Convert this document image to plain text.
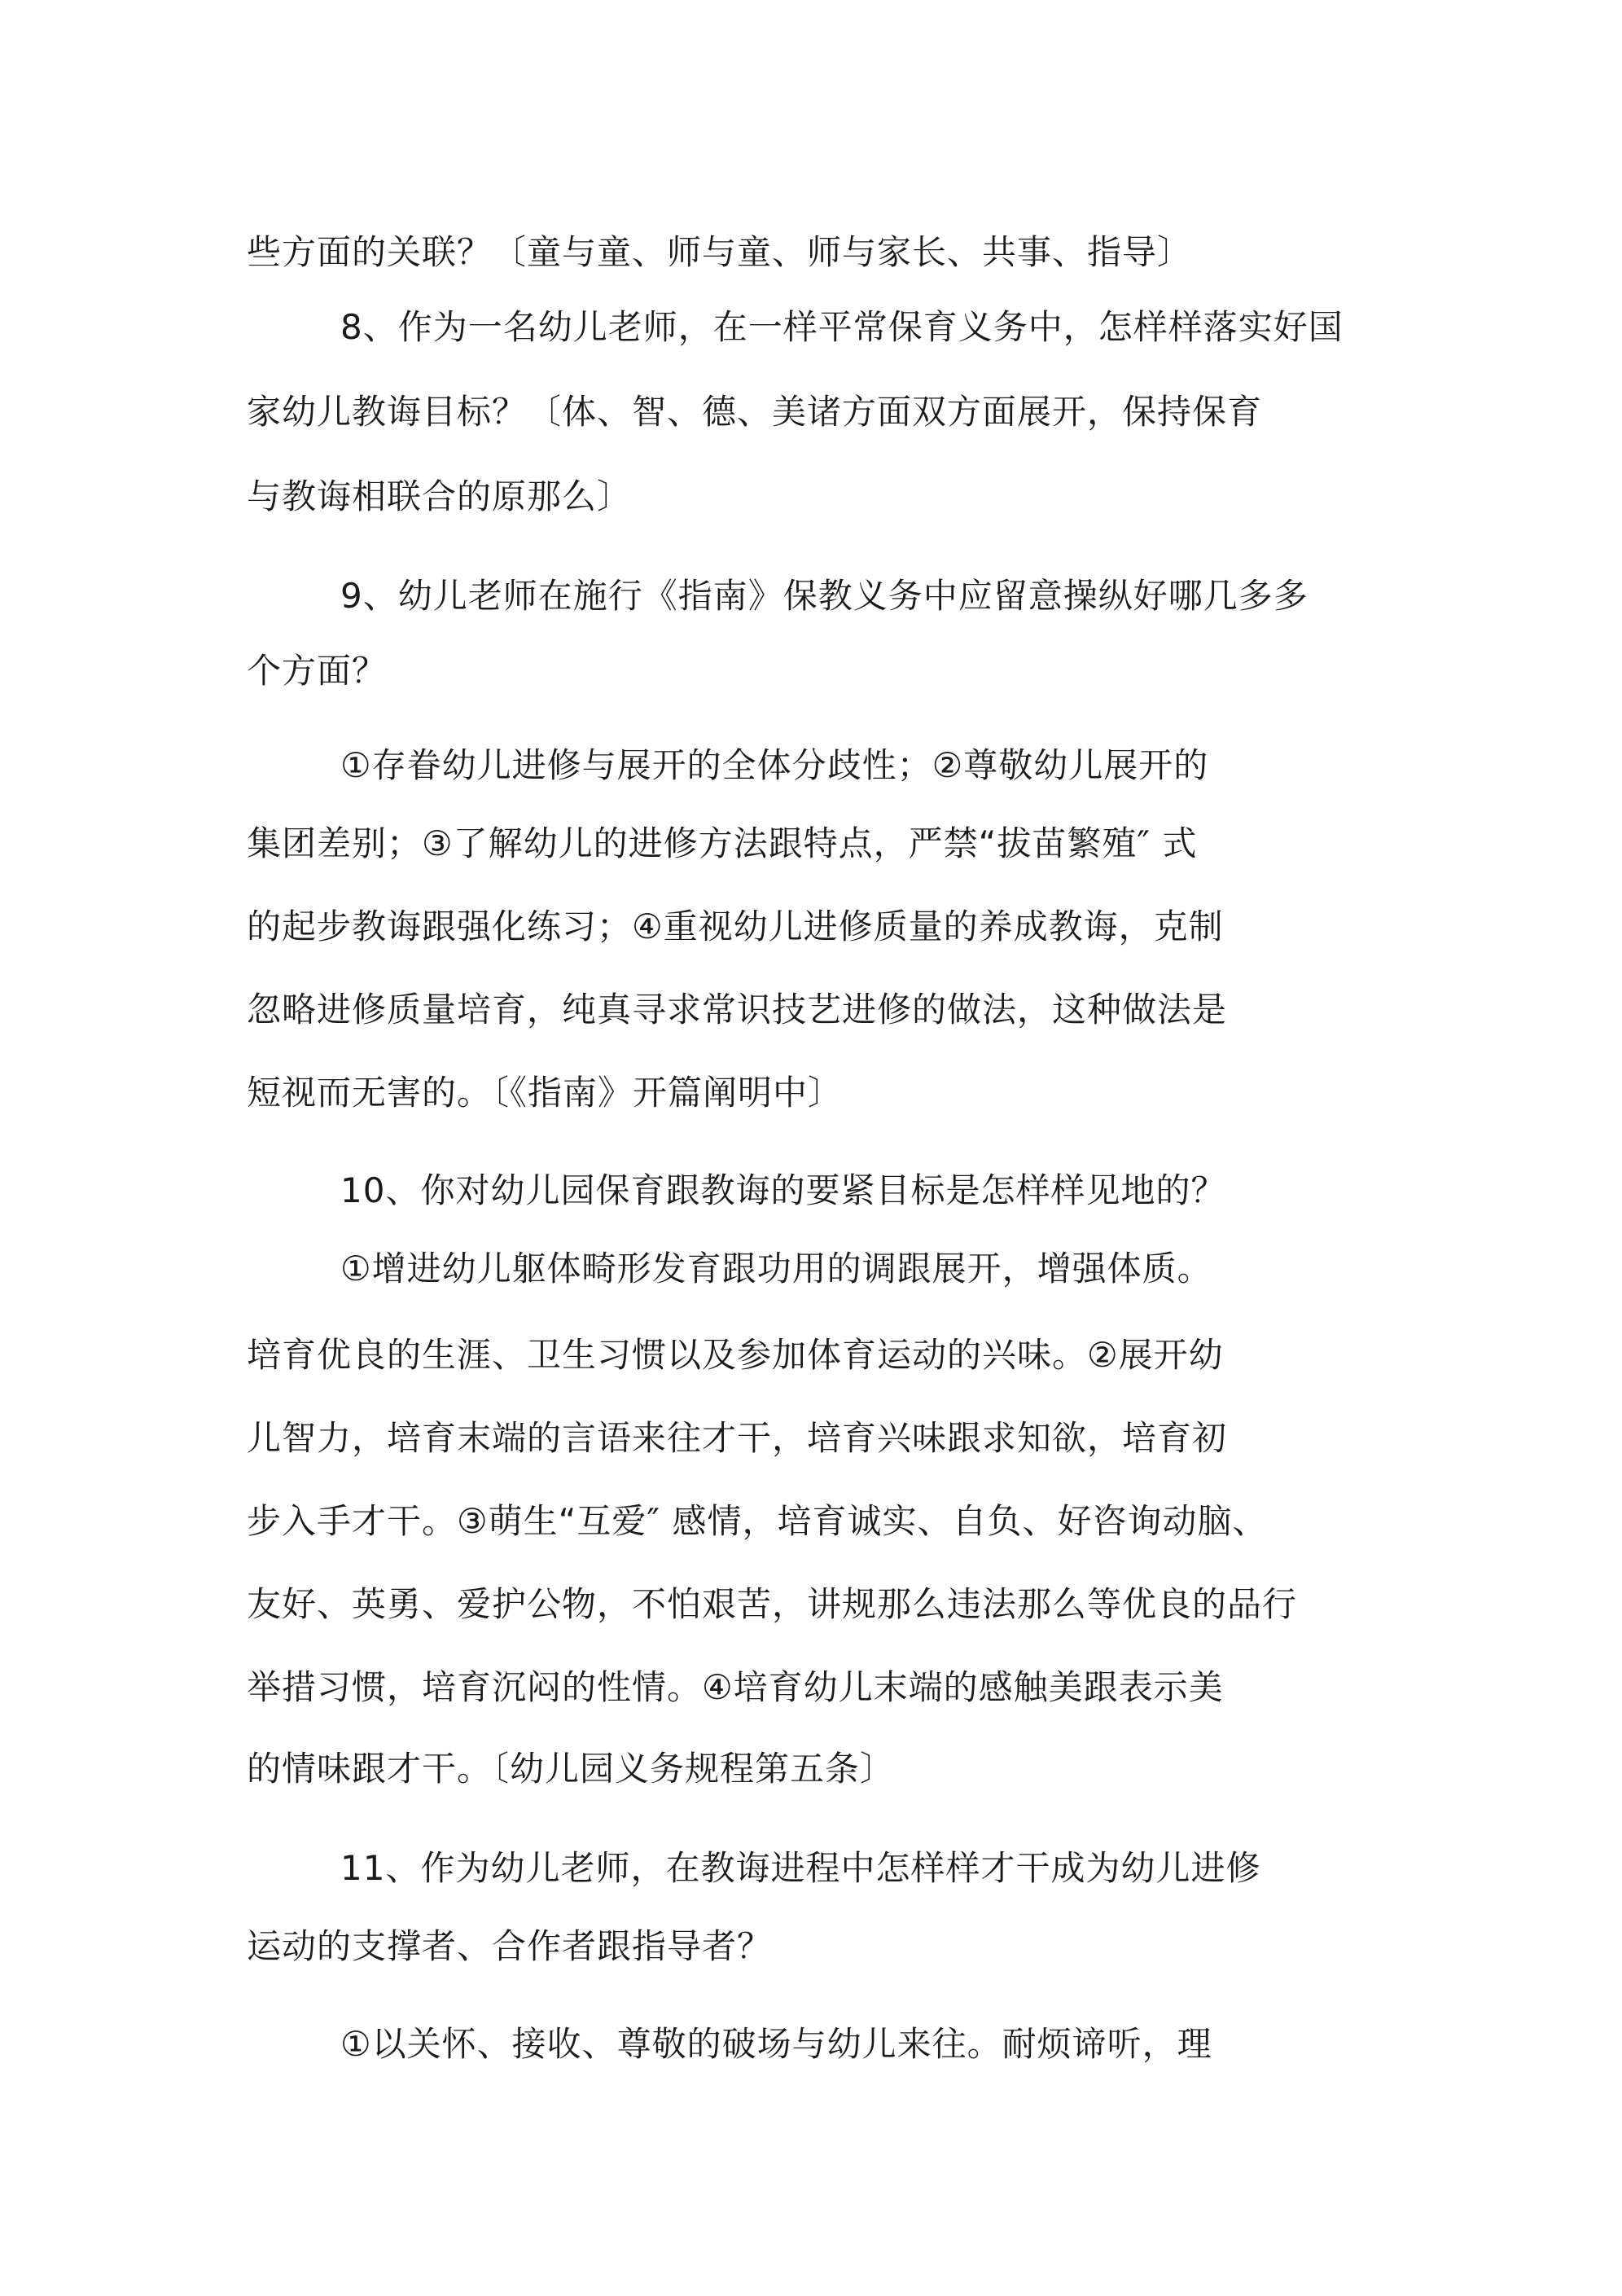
些方面的关联？〔童与童、师与童、师与家长、共事、指导〕
8、作为一名幼儿老师，在一样平常保育义务中，怎样样落实好国
家幼儿教诲目标？〔体、智、德、美诸方面双方面展开，保持保育
与教诲相联合的原那么〕
9、幼儿老师在施行《指南》保教义务中应留意操纵好哪几多多
个方面？
①存眷幼儿进修与展开的全体分歧性；②尊敬幼儿展开的
集团差别；③了解幼儿的进修方法跟特点，严禁“拔苗繁殖″ 式
的起步教诲跟强化练习；④重视幼儿进修质量的养成教诲，克制
忽略进修质量培育，纯真寻求常识技艺进修的做法，这种做法是
短视而无害的。〔《指南》开篇阐明中〕
10、你对幼儿园保育跟教诲的要紧目标是怎样样见地的？
①增进幼儿躯体畸形发育跟功用的调跟展开，增强体质。
培育优良的生涯、卫生习惯以及参加体育运动的兴味。②展开幼
儿智力，培育末端的言语来往才干，培育兴味跟求知欲，培育初
步入手才干。③萌生“互爱″ 感情，培育诚实、自负、好咨询动脑、
友好、英勇、爱护公物，不怕艰苦，讲规那么违法那么等优良的品行
举措习惯，培育沉闷的性情。④培育幼儿末端的感触美跟表示美
的情味跟才干。〔幼儿园义务规程第五条〕
11、作为幼儿老师，在教诲进程中怎样样才干成为幼儿进修
运动的支撑者、合作者跟指导者？
①以关怀、接收、尊敬的破场与幼儿来往。耐烦谛听，理
